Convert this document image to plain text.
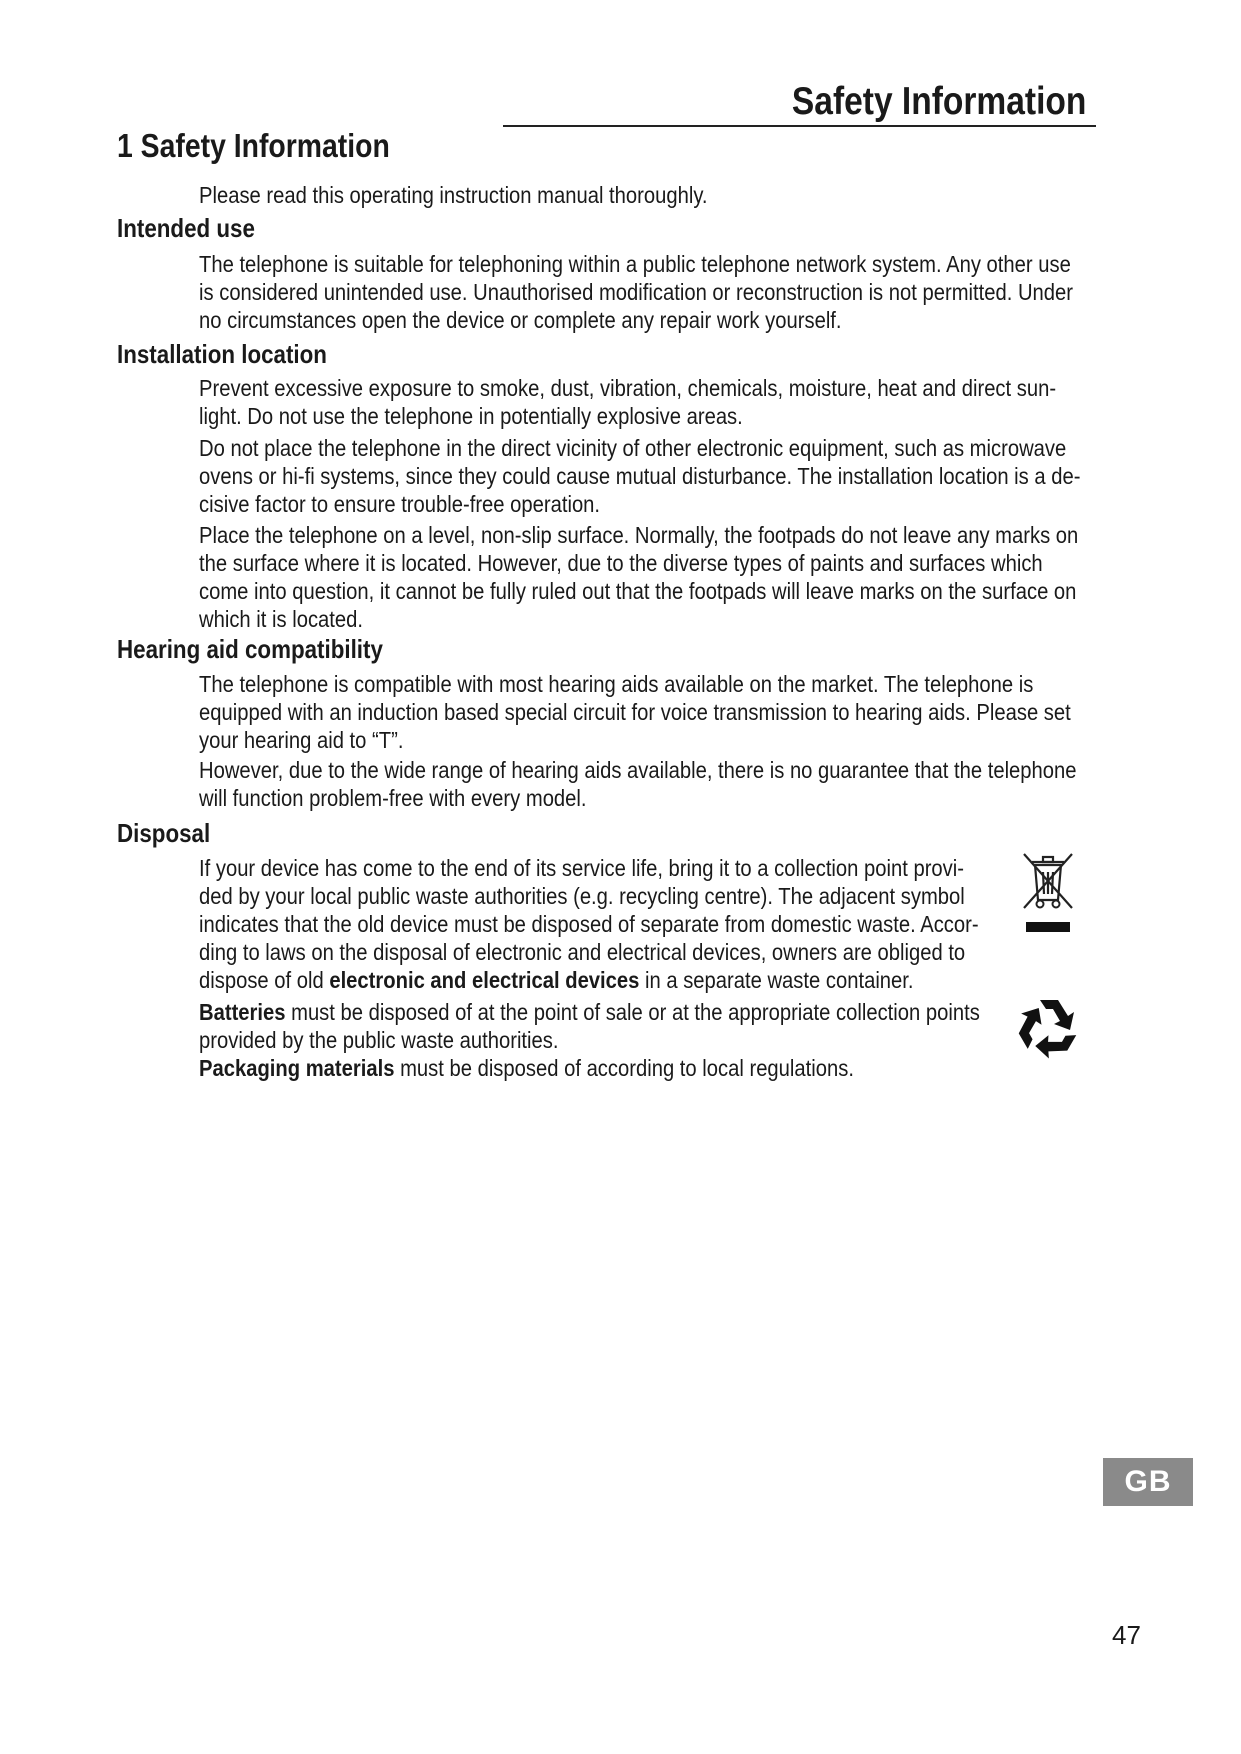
Safety Information
1 Safety Information
Please read this operating instruction manual thoroughly.
Intended use
The telephone is suitable for telephoning within a public telephone network system. Any other use
is considered unintended use. Unauthorised modification or reconstruction is not permitted. Under
no circumstances open the device or complete any repair work yourself.
Installation location
Prevent excessive exposure to smoke, dust, vibration, chemicals, moisture, heat and direct sun-
light. Do not use the telephone in potentially explosive areas.
Do not place the telephone in the direct vicinity of other electronic equipment, such as microwave
ovens or hi-fi systems, since they could cause mutual disturbance. The installation location is a de-
cisive factor to ensure trouble-free operation.
Place the telephone on a level, non-slip surface. Normally, the footpads do not leave any marks on
the surface where it is located. However, due to the diverse types of paints and surfaces which
come into question, it cannot be fully ruled out that the footpads will leave marks on the surface on
which it is located.
Hearing aid compatibility
The telephone is compatible with most hearing aids available on the market. The telephone is
equipped with an induction based special circuit for voice transmission to hearing aids. Please set
your hearing aid to “T”.
However, due to the wide range of hearing aids available, there is no guarantee that the telephone
will function problem-free with every model.
Disposal
If your device has come to the end of its service life, bring it to a collection point provi-
ded by your local public waste authorities (e.g. recycling centre). The adjacent symbol
indicates that the old device must be disposed of separate from domestic waste. Accor-
ding to laws on the disposal of electronic and electrical devices, owners are obliged to
dispose of old electronic and electrical devices in a separate waste container.
Batteries must be disposed of at the point of sale or at the appropriate collection points
provided by the public waste authorities.
Packaging materials must be disposed of according to local regulations.
GB
47
